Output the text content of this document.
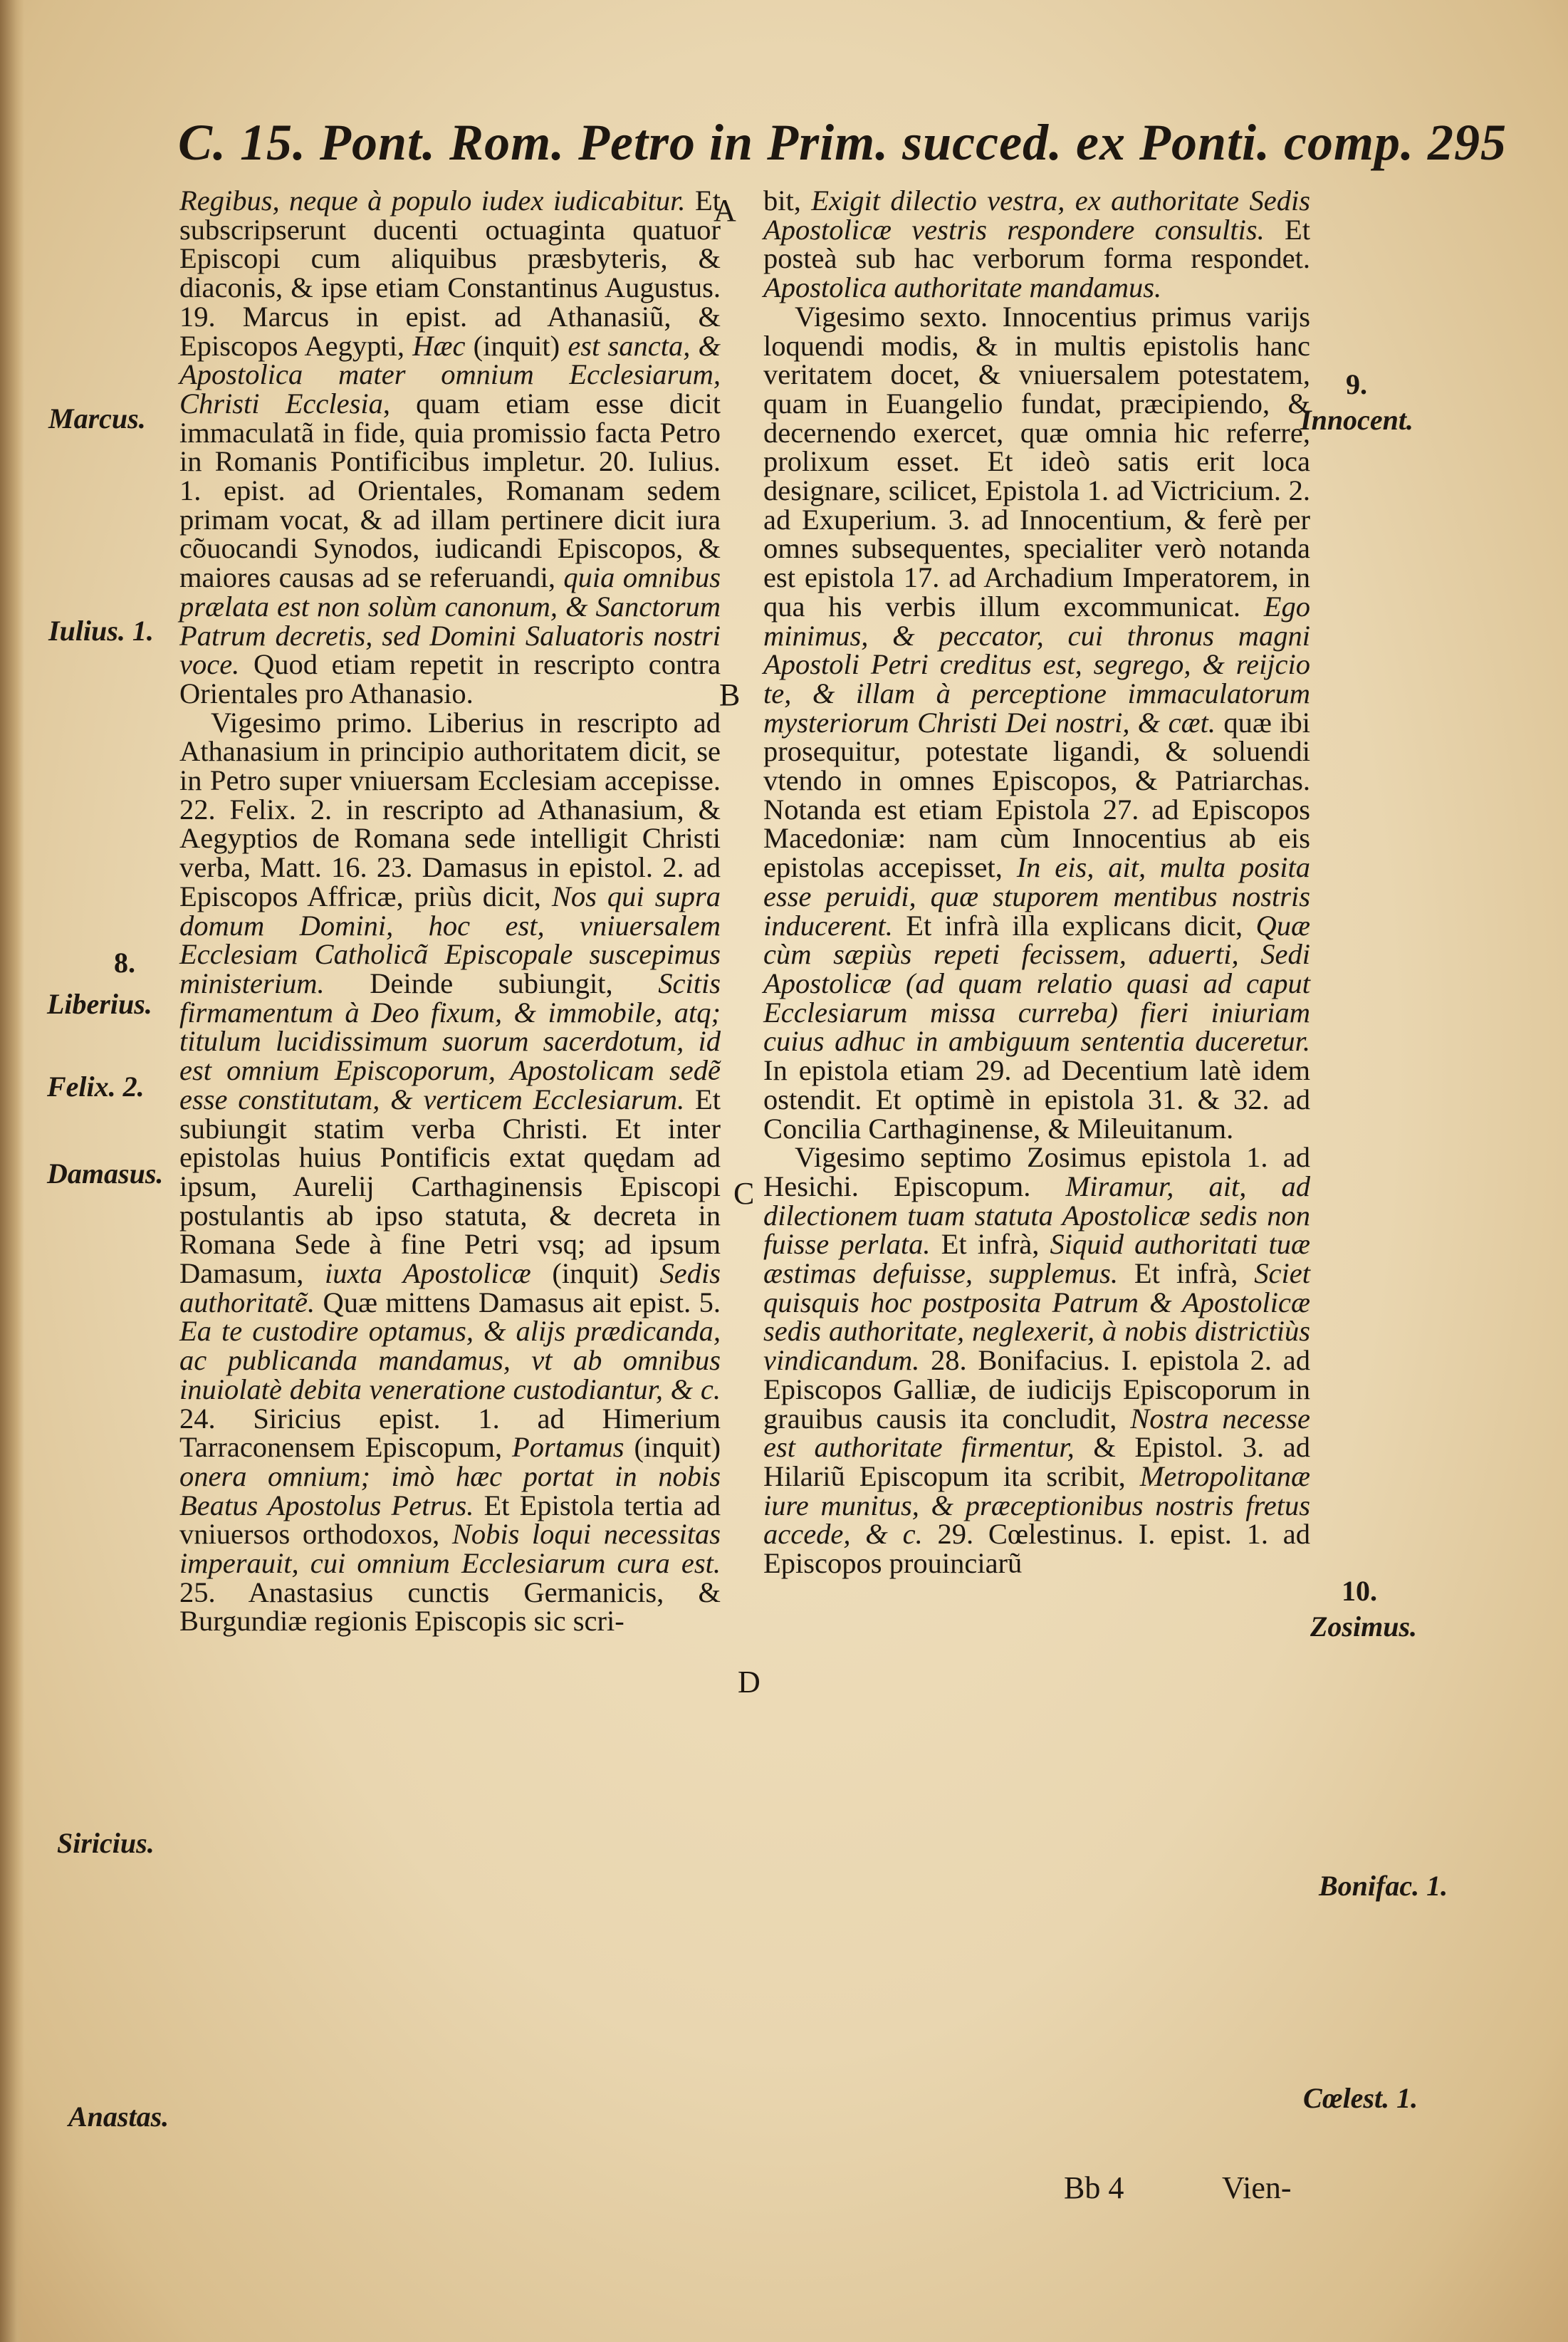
C. 15. Pont. Rom. Petro in Prim. succed. ex Ponti. comp. 295

Regibus, neque à populo iudex iudicabitur. Et subscripserunt ducenti octuaginta quatuor Episcopi cum aliquibus præsbyteris, & diaconis, & ipse etiam Constantinus Augustus. 19. Marcus in epist. ad Athanasiũ, & Episcopos Aegypti, Hæc (inquit) est sancta, & Apostolica mater omnium Ecclesiarum, Christi Ecclesia, quam etiam esse dicit immaculatã in fide, quia promissio facta Petro in Romanis Pontificibus impletur. 20. Iulius. 1. epist. ad Orientales, Romanam sedem primam vocat, & ad illam pertinere dicit iura cõuocandi Synodos, iudicandi Episcopos, & maiores causas ad se referuandi, quia omnibus prælata est non solùm canonum, & Sanctorum Patrum decretis, sed Domini Saluatoris nostri voce. Quod etiam repetit in rescripto contra Orientales pro Athanasio.

Vigesimo primo. Liberius in rescripto ad Athanasium in principio authoritatem dicit, se in Petro super vniuersam Ecclesiam accepisse. 22. Felix. 2. in rescripto ad Athanasium, & Aegyptios de Romana sede intelligit Christi verba, Matt. 16. 23. Damasus in epistol. 2. ad Episcopos Affricæ, priùs dicit, Nos qui supra domum Domini, hoc est, vniuersalem Ecclesiam Catholicã Episcopale suscepimus ministerium. Deinde subiungit, Scitis firmamentum à Deo fixum, & immobile, atq; titulum lucidissimum suorum sacerdotum, id est omnium Episcoporum, Apostolicam sedẽ esse constitutam, & verticem Ecclesiarum. Et subiungit statim verba Christi. Et inter epistolas huius Pontificis extat quędam ad ipsum, Aurelij Carthaginensis Episcopi postulantis ab ipso statuta, & decreta in Romana Sede à fine Petri vsq; ad ipsum Damasum, iuxta Apostolicæ (inquit) Sedis authoritatẽ. Quæ mittens Damasus ait epist. 5. Ea te custodire optamus, & alijs prædicanda, ac publicanda mandamus, vt ab omnibus inuiolatè debita veneratione custodiantur, & c. 24. Siricius epist. 1. ad Himerium Tarraconensem Episcopum, Portamus (inquit) onera omnium; imò hæc portat in nobis Beatus Apostolus Petrus. Et Epistola tertia ad vniuersos orthodoxos, Nobis loqui necessitas imperauit, cui omnium Ecclesiarum cura est. 25. Anastasius cunctis Germanicis, & Burgundiæ regionis Episcopis sic scri-

bit, Exigit dilectio vestra, ex authoritate Sedis Apostolicæ vestris respondere consultis. Et posteà sub hac verborum forma respondet. Apostolica authoritate mandamus.

Vigesimo sexto. Innocentius primus varijs loquendi modis, & in multis epistolis hanc veritatem docet, & vniuersalem potestatem, quam in Euangelio fundat, præcipiendo, & decernendo exercet, quæ omnia hic referre, prolixum esset. Et ideò satis erit loca designare, scilicet, Epistola 1. ad Victricium. 2. ad Exuperium. 3. ad Innocentium, & ferè per omnes subsequentes, specialiter verò notanda est epistola 17. ad Archadium Imperatorem, in qua his verbis illum excommunicat. Ego minimus, & peccator, cui thronus magni Apostoli Petri creditus est, segrego, & reijcio te, & illam à perceptione immaculatorum mysteriorum Christi Dei nostri, & cæt. quæ ibi prosequitur, potestate ligandi, & soluendi vtendo in omnes Episcopos, & Patriarchas. Notanda est etiam Epistola 27. ad Episcopos Macedoniæ: nam cùm Innocentius ab eis epistolas accepisset, In eis, ait, multa posita esse peruidi, quæ stuporem mentibus nostris inducerent. Et infrà illa explicans dicit, Quæ cùm sæpiùs repeti fecissem, aduerti, Sedi Apostolicæ (ad quam relatio quasi ad caput Ecclesiarum missa curreba) fieri iniuriam cuius adhuc in ambiguum sententia duceretur. In epistola etiam 29. ad Decentium latè idem ostendit. Et optimè in epistola 31. & 32. ad Concilia Carthaginense, & Mileuitanum.

Vigesimo septimo Zosimus epistola 1. ad Hesichi. Episcopum. Miramur, ait, ad dilectionem tuam statuta Apostolicæ sedis non fuisse perlata. Et infrà, Siquid authoritati tuæ æstimas defuisse, supplemus. Et infrà, Sciet quisquis hoc postposita Patrum & Apostolicæ sedis authoritate, neglexerit, à nobis districtiùs vindicandum. 28. Bonifacius. I. epistola 2. ad Episcopos Galliæ, de iudicijs Episcoporum in grauibus causis ita concludit, Nostra necesse est authoritate firmentur, & Epistol. 3. ad Hilariũ Episcopum ita scribit, Metropolitanæ iure munitus, & præceptionibus nostris fretus accede, & c. 29. Cœlestinus. I. epist. 1. ad Episcopos prouinciarũ

A
B
C
D
Marcus.
Iulius. 1.
8.
Liberius.
Felix. 2.
Damasus.
Siricius.
Anastas.
9.
Innocent.
10.
Zosimus.
Bonifac. 1.
Cœlest. 1.
Bb 4	Vien-
